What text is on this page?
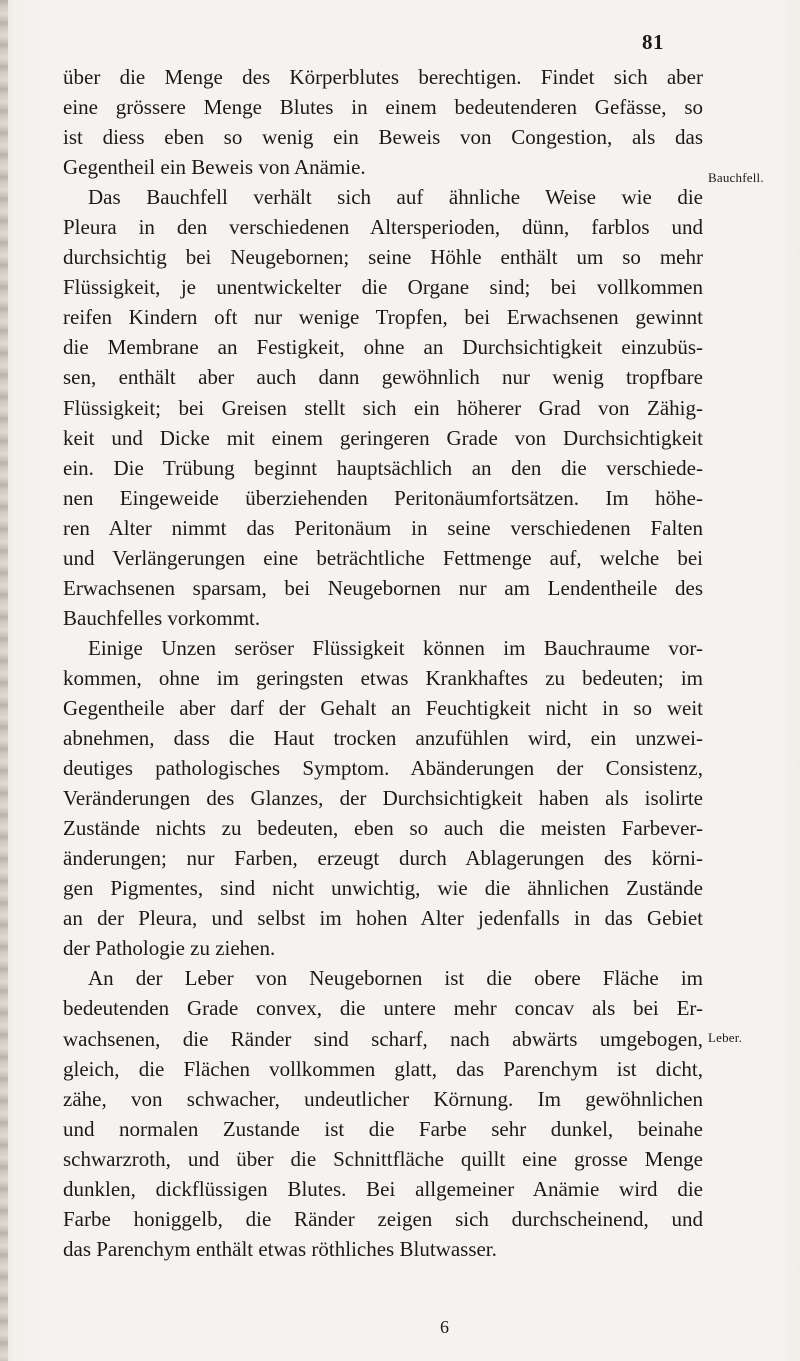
81
über die Menge des Körperblutes berechtigen. Findet sich aber
eine grössere Menge Blutes in einem bedeutenderen Gefässe, so
ist diess eben so wenig ein Beweis von Congestion, als das
Gegentheil ein Beweis von Anämie.
Das Bauchfell verhält sich auf ähnliche Weise wie die
Pleura in den verschiedenen Altersperioden, dünn, farblos und
durchsichtig bei Neugebornen; seine Höhle enthält um so mehr
Flüssigkeit, je unentwickelter die Organe sind; bei vollkommen
reifen Kindern oft nur wenige Tropfen, bei Erwachsenen gewinnt
die Membrane an Festigkeit, ohne an Durchsichtigkeit einzubüs-
sen, enthält aber auch dann gewöhnlich nur wenig tropfbare
Flüssigkeit; bei Greisen stellt sich ein höherer Grad von Zähig-
keit und Dicke mit einem geringeren Grade von Durchsichtigkeit
ein. Die Trübung beginnt hauptsächlich an den die verschiede-
nen Eingeweide überziehenden Peritonäumfortsätzen. Im höhe-
ren Alter nimmt das Peritonäum in seine verschiedenen Falten
und Verlängerungen eine beträchtliche Fettmenge auf, welche bei
Erwachsenen sparsam, bei Neugebornen nur am Lendentheile des
Bauchfelles vorkommt.
Einige Unzen seröser Flüssigkeit können im Bauchraume vor-
kommen, ohne im geringsten etwas Krankhaftes zu bedeuten; im
Gegentheile aber darf der Gehalt an Feuchtigkeit nicht in so weit
abnehmen, dass die Haut trocken anzufühlen wird, ein unzwei-
deutiges pathologisches Symptom. Abänderungen der Consistenz,
Veränderungen des Glanzes, der Durchsichtigkeit haben als isolirte
Zustände nichts zu bedeuten, eben so auch die meisten Farbever-
änderungen; nur Farben, erzeugt durch Ablagerungen des körni-
gen Pigmentes, sind nicht unwichtig, wie die ähnlichen Zustände
an der Pleura, und selbst im hohen Alter jedenfalls in das Gebiet
der Pathologie zu ziehen.
An der Leber von Neugebornen ist die obere Fläche im
bedeutenden Grade convex, die untere mehr concav als bei Er-
wachsenen, die Ränder sind scharf, nach abwärts umgebogen,
gleich, die Flächen vollkommen glatt, das Parenchym ist dicht,
zähe, von schwacher, undeutlicher Körnung. Im gewöhnlichen
und normalen Zustande ist die Farbe sehr dunkel, beinahe
schwarzroth, und über die Schnittfläche quillt eine grosse Menge
dunklen, dickflüssigen Blutes. Bei allgemeiner Anämie wird die
Farbe honiggelb, die Ränder zeigen sich durchscheinend, und
das Parenchym enthält etwas röthliches Blutwasser.
Bauchfell.
Leber.
6
